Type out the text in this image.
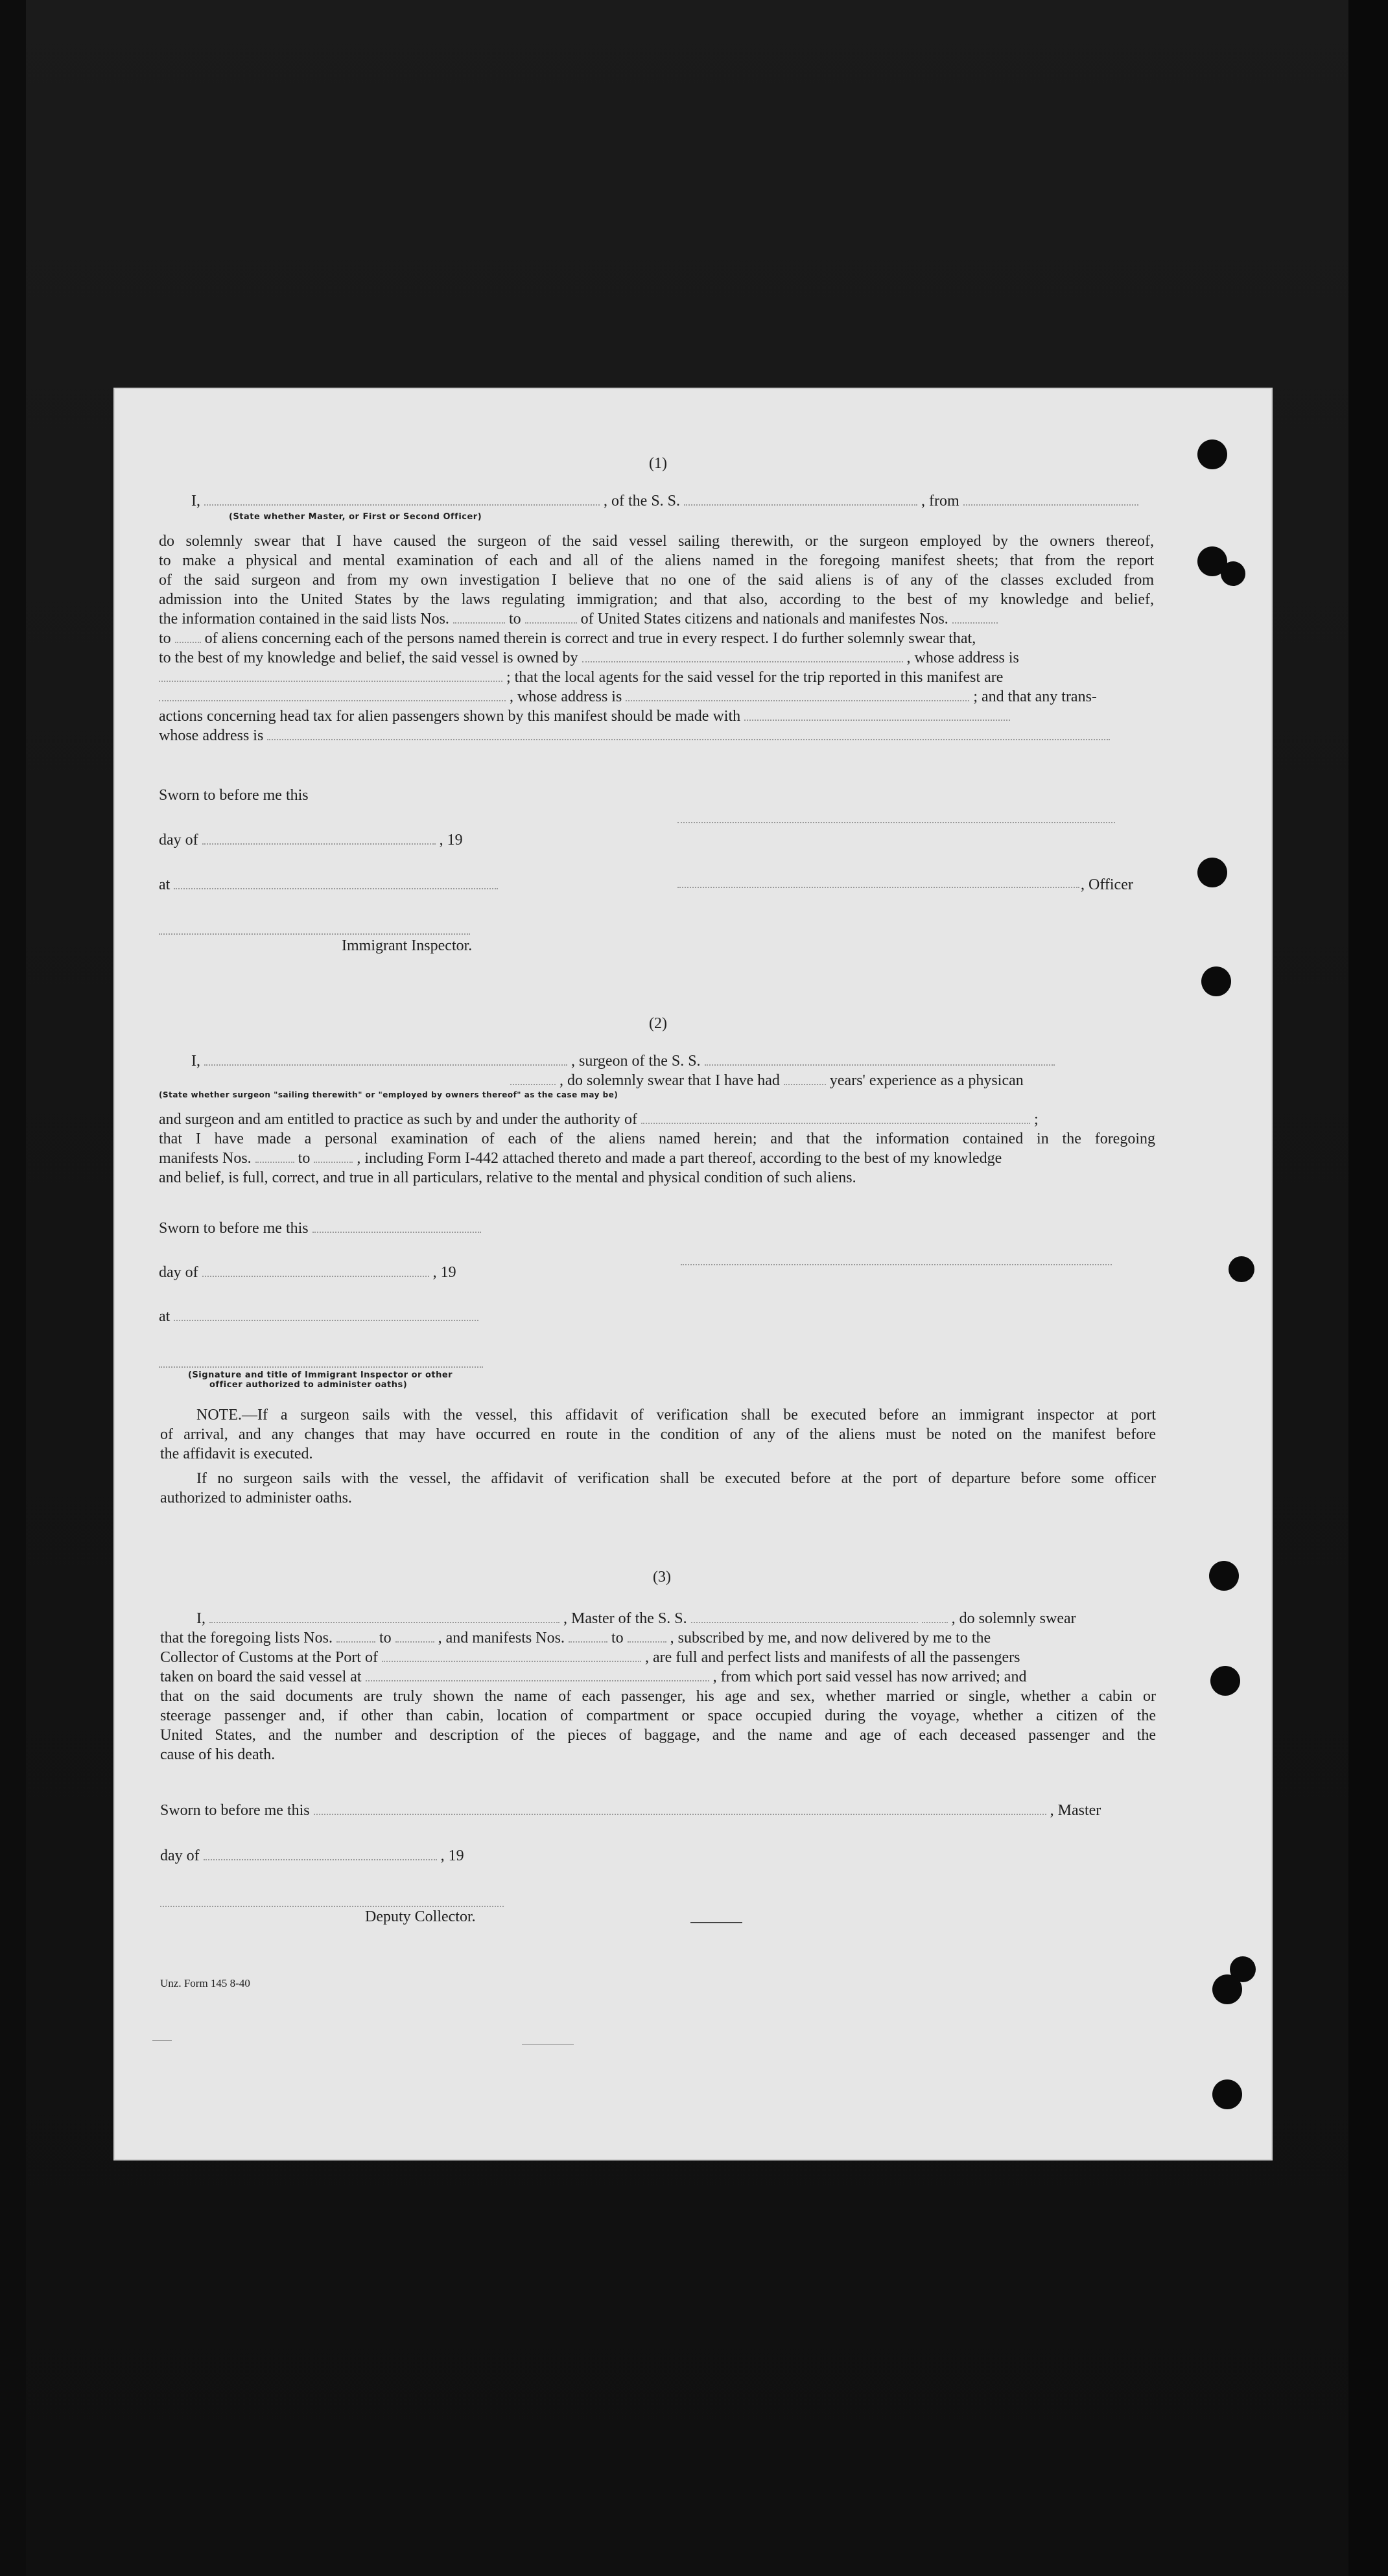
(1)
I,	, of the S. S.	, from
(State whether Master, or First or Second Officer)
do solemnly swear that I have caused the surgeon of the said vessel sailing therewith, or the surgeon employed by the owners thereof,
to make a physical and mental examination of each and all of the aliens named in the foregoing manifest sheets; that from the report
of the said surgeon and from my own investigation I believe that no one of the said aliens is of any of the classes excluded from
admission into the United States by the laws regulating immigration; and that also, according to the best of my knowledge and belief,
the information contained in the said lists Nos.	to	of United States citizens and nationals and manifestes Nos.
to of aliens concerning each of the persons named therein is correct and true in every respect. I do further solemnly swear that,
to the best of my knowledge and belief, the said vessel is owned by	, whose address is
; that the local agents for the said vessel for the trip reported in this manifest are
, whose address is	; and that any trans-
actions concerning head tax for alien passengers shown by this manifest should be made with
whose address is
Sworn to before me this
day of	, 19
at	, Officer
Immigrant Inspector.
(2)
I,	, surgeon of the S. S.
, do solemnly swear that I have had	years' experience as a physican
(State whether surgeon "sailing therewith" or "employed by owners thereof" as the case may be)
and surgeon and am entitled to practice as such by and under the authority of	;
that I have made a personal examination of each of the aliens named herein; and that the information contained in the foregoing
manifests Nos.	to	, including Form I-442 attached thereto and made a part thereof, according to the best of my knowledge
and belief, is full, correct, and true in all particulars, relative to the mental and physical condition of such aliens.
Sworn to before me this
day of	, 19
at
(Signature and title of Immigrant Inspector or other
officer authorized to administer oaths)
NOTE.—If a surgeon sails with the vessel, this affidavit of verification shall be executed before an immigrant inspector at port
of arrival, and any changes that may have occurred en route in the condition of any of the aliens must be noted on the manifest before
the affidavit is executed.
If no surgeon sails with the vessel, the affidavit of verification shall be executed before at the port of departure before some officer
authorized to administer oaths.
(3)
I,	, Master of the S. S.	, do solemnly swear
that the foregoing lists Nos.	to	, and manifests Nos.	to	, subscribed by me, and now delivered by me to the
Collector of Customs at the Port of	, are full and perfect lists and manifests of all the passengers
taken on board the said vessel at	, from which port said vessel has now arrived; and
that on the said documents are truly shown the name of each passenger, his age and sex, whether married or single, whether a cabin or
steerage passenger and, if other than cabin, location of compartment or space occupied during the voyage, whether a citizen of the
United States, and the number and description of the pieces of baggage, and the name and age of each deceased passenger and the
cause of his death.
Sworn to before me this	, Master
day of	, 19
Deputy Collector.
Unz. Form 145 8-40
